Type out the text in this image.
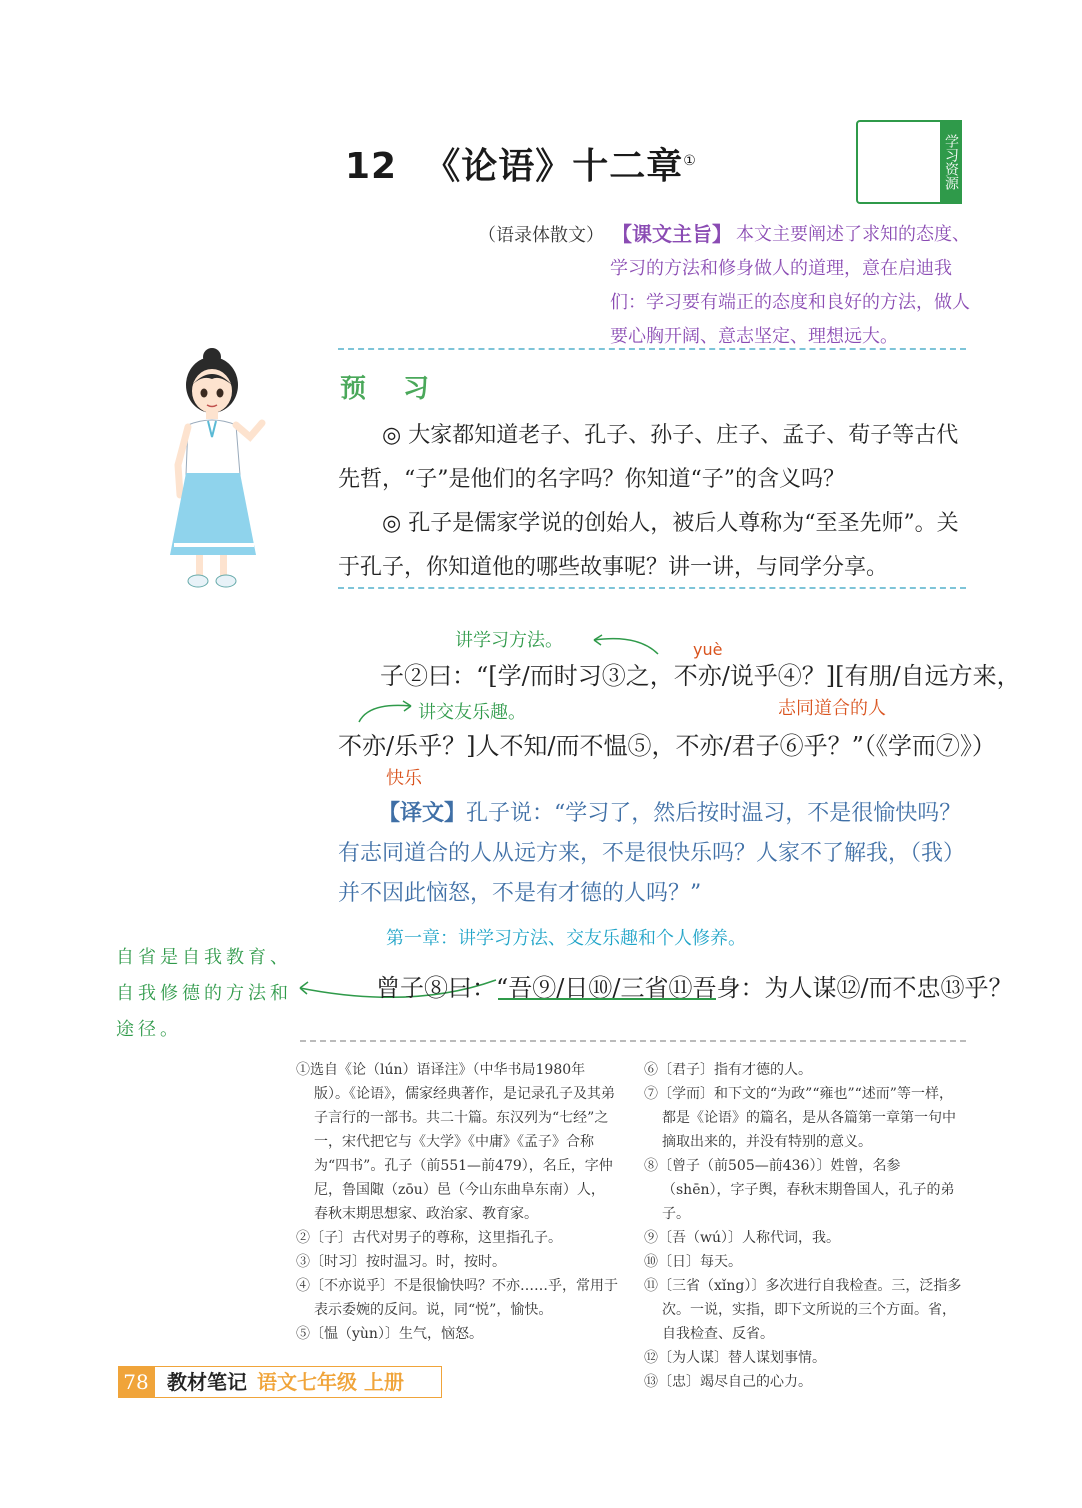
12 《论语》十二章①	学习资源
（语录体散文）	本文主要阐述了求知的态度、学习的方法和修身做人的道理，意在启迪我们：学习要有端正的态度和良好的方法，做人要心胸开阔、意志坚定、理想远大。
【课文主旨】
预 习
◎ 大家都知道老子、孔子、孙子、庄子、孟子、荀子等古代先哲，“子”是他们的名字吗？你知道“子”的含义吗？
◎ 孔子是儒家学说的创始人，被后人尊称为“至圣先师”。关于孔子，你知道他的哪些故事呢？讲一讲，与同学分享。
讲学习方法。	yuè
子②曰：“[学/而时习③之，不亦/说乎④？][有朋/自远方来，
讲交友乐趣。	志同道合的人
不亦/乐乎？]人不知/而不愠⑤，不亦/君子⑥乎？”（《学而⑦》）
快乐
【译文】孔子说：“学习了，然后按时温习，不是很愉快吗？有志同道合的人从远方来，不是很快乐吗？人家不了解我，（我）并不因此恼怒，不是有才德的人吗？”
第一章：讲学习方法、交友乐趣和个人修养。
自省是自我教育、自我修德的方法和途径。
曾子⑧曰：“吾⑨/日⑩/三省⑪吾身：为人谋⑫/而不忠⑬乎？

①选自《论（lún）语译注》（中华书局1980年版）。《论语》，儒家经典著作，是记录孔子及其弟子言行的一部书。共二十篇。东汉列为“七经”之一，宋代把它与《大学》《中庸》《孟子》合称为“四书”。孔子（前551—前479），名丘，字仲尼，鲁国陬（zōu）邑（今山东曲阜东南）人，春秋末期思想家、政治家、教育家。

②〔子〕古代对男子的尊称，这里指孔子。

③〔时习〕按时温习。时，按时。

④〔不亦说乎〕不是很愉快吗？不亦……乎，常用于表示委婉的反问。说，同“悦”，愉快。

⑤〔愠（yùn）〕生气，恼怒。

⑥〔君子〕指有才德的人。

⑦〔学而〕和下文的“为政”“雍也”“述而”等一样，都是《论语》的篇名，是从各篇第一章第一句中摘取出来的，并没有特别的意义。

⑧〔曾子（前505—前436）〕姓曾，名参（shēn），字子舆，春秋末期鲁国人，孔子的弟子。

⑨〔吾（wú）〕人称代词，我。

⑩〔日〕每天。

⑪〔三省（xǐng）〕多次进行自我检查。三，泛指多次。一说，实指，即下文所说的三个方面。省，自我检查、反省。

⑫〔为人谋〕替人谋划事情。

⑬〔忠〕竭尽自己的心力。

78 教材笔记 语文七年级 上册
